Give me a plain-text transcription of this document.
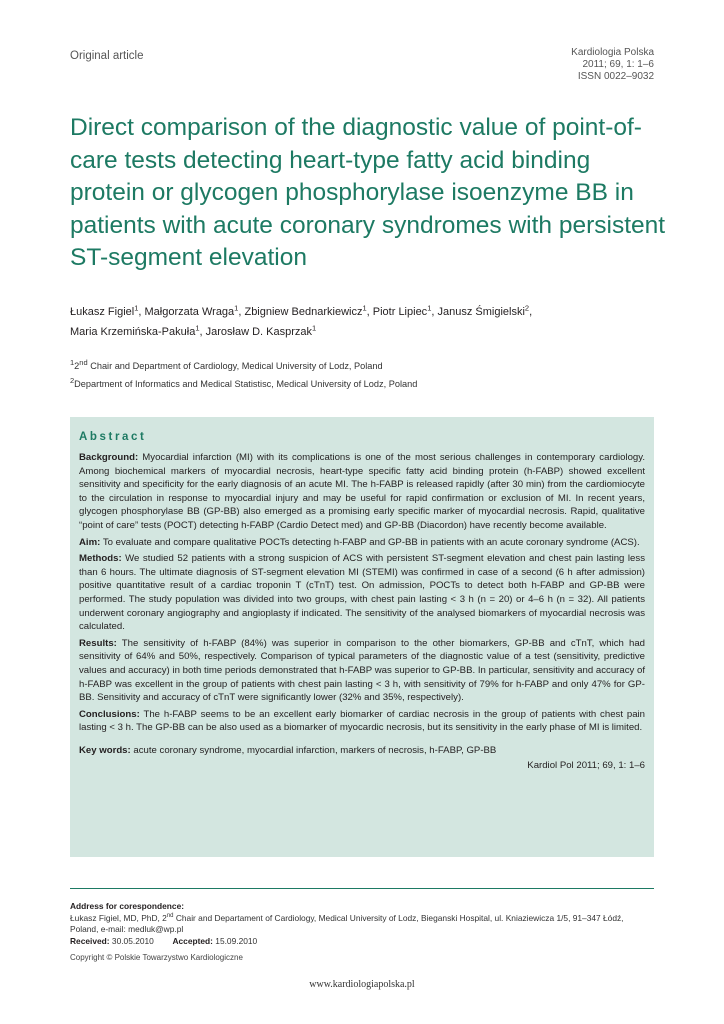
Original article	Kardiologia Polska
2011; 69, 1: 1–6
ISSN 0022–9032
Direct comparison of the diagnostic value of point-of-care tests detecting heart-type fatty acid binding protein or glycogen phosphorylase isoenzyme BB in patients with acute coronary syndromes with persistent ST-segment elevation
Łukasz Figiel$^1$, Małgorzata Wraga$^1$, Zbigniew Bednarkiewicz$^1$, Piotr Lipiec$^1$, Janusz Śmigielski$^2$,
Maria Krzemińska-Pakuła$^1$, Jarosław D. Kasprzak$^1$
$^1$2nd Chair and Department of Cardiology, Medical University of Lodz, Poland
$^2$Department of Informatics and Medical Statistisc, Medical University of Lodz, Poland
Abstract

Background: Myocardial infarction (MI) with its complications is one of the most serious challenges in contemporary cardiology. Among biochemical markers of myocardial necrosis, heart-type specific fatty acid binding protein (h-FABP) showed excellent sensitivity and specificity for the early diagnosis of an acute MI. The h-FABP is released rapidly (after 30 min) from the cardiomiocyte to the circulation in response to myocardial injury and may be useful for rapid confirmation or exclusion of MI. In recent years, glycogen phosphorylase BB (GP-BB) also emerged as a promising early specific marker of myocardial necrosis. Rapid, qualitative “point of care” tests (POCT) detecting h-FABP (Cardio Detect med) and GP-BB (Diacordon) have recently become available.

Aim: To evaluate and compare qualitative POCTs detecting h-FABP and GP-BB in patients with an acute coronary syndrome (ACS).

Methods: We studied 52 patients with a strong suspicion of ACS with persistent ST-segment elevation and chest pain lasting less than 6 hours. The ultimate diagnosis of ST-segment elevation MI (STEMI) was confirmed in case of a second (6 h after admission) positive quantitative result of a cardiac troponin T (cTnT) test. On admission, POCTs to detect both h-FABP and GP-BB were performed. The study population was divided into two groups, with chest pain lasting < 3 h (n = 20) or 4–6 h (n = 32). All patients underwent coronary angiography and angioplasty if indicated. The sensitivity of the analysed biomarkers of myocardial necrosis was calculated.

Results: The sensitivity of h-FABP (84%) was superior in comparison to the other biomarkers, GP-BB and cTnT, which had sensitivity of 64% and 50%, respectively. Comparison of typical parameters of the diagnostic value of a test (sensitivity, predictive values and accuracy) in both time periods demonstrated that h-FABP was superior to GP-BB. In particular, sensitivity and accuracy of h-FABP was excellent in the group of patients with chest pain lasting < 3 h, with sensitivity of 79% for h-FABP and only 47% for GP-BB. Sensitivity and accuracy of cTnT were significantly lower (32% and 35%, respectively).

Conclusions: The h-FABP seems to be an excellent early biomarker of cardiac necrosis in the group of patients with chest pain lasting < 3 h. The GP-BB can be also used as a biomarker of myocardic necrosis, but its sensitivity in the early phase of MI is limited.

Key words: acute coronary syndrome, myocardial infarction, markers of necrosis, h-FABP, GP-BB

Kardiol Pol 2011; 69, 1: 1–6
Address for corespondence:
Łukasz Figiel, MD, PhD, 2nd Chair and Departament of Cardiology, Medical University of Lodz, Bieganski Hospital, ul. Kniaziewicza 1/5, 91–347 Łódź,
Poland, e-mail: medluk@wp.pl
Received: 30.05.2010 Accepted: 15.09.2010
Copyright © Polskie Towarzystwo Kardiologiczne
www.kardiologiapolska.pl
